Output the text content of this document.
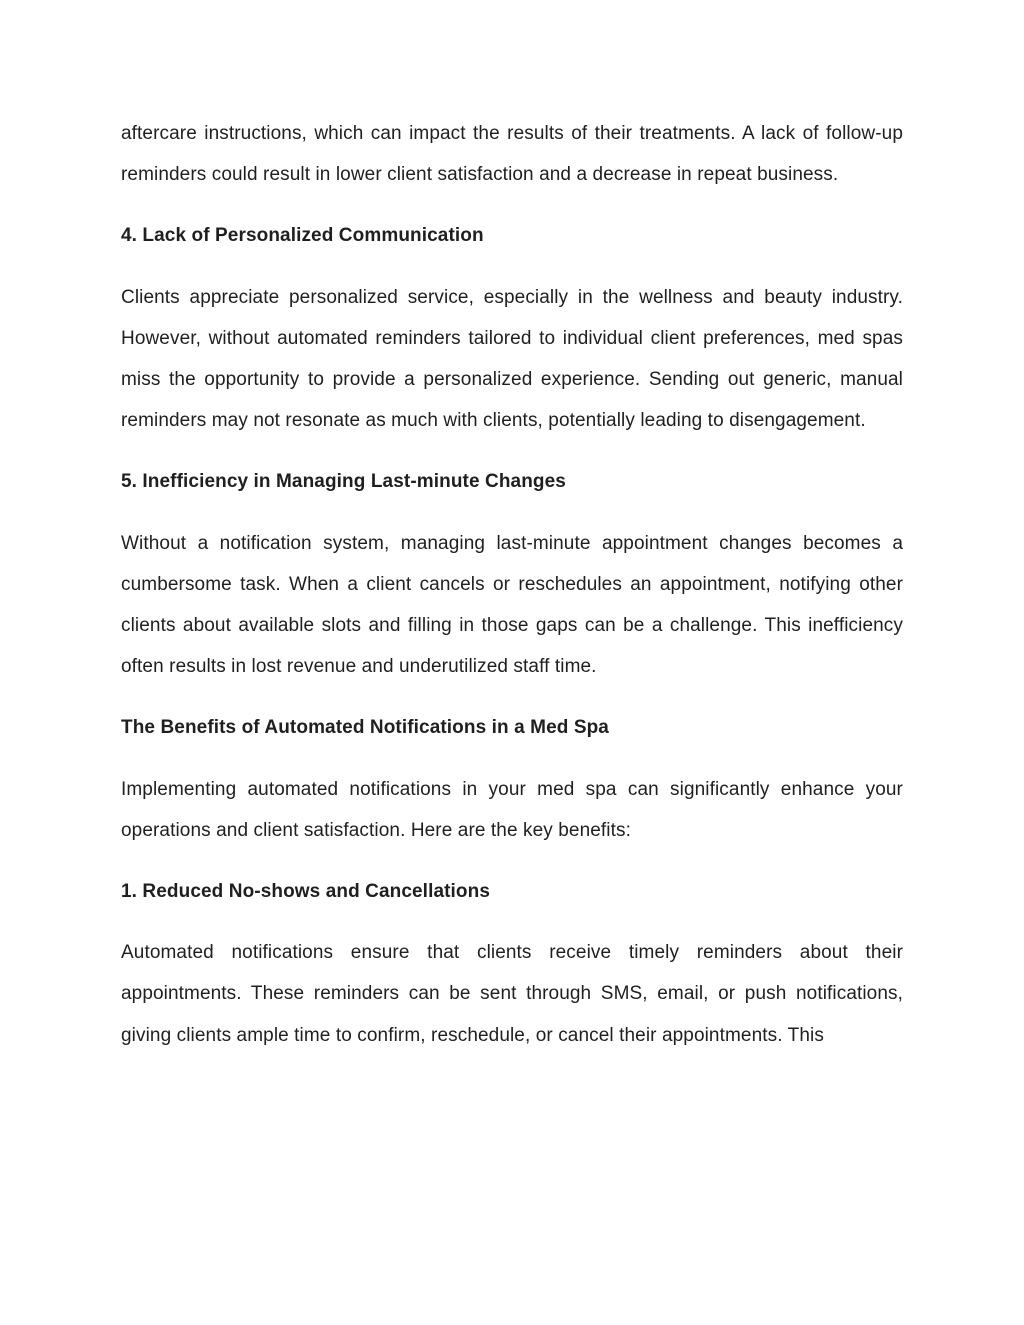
aftercare instructions, which can impact the results of their treatments. A lack of follow-up reminders could result in lower client satisfaction and a decrease in repeat business.

4. Lack of Personalized Communication

Clients appreciate personalized service, especially in the wellness and beauty industry. However, without automated reminders tailored to individual client preferences, med spas miss the opportunity to provide a personalized experience. Sending out generic, manual reminders may not resonate as much with clients, potentially leading to disengagement.

5. Inefficiency in Managing Last-minute Changes

Without a notification system, managing last-minute appointment changes becomes a cumbersome task. When a client cancels or reschedules an appointment, notifying other clients about available slots and filling in those gaps can be a challenge. This inefficiency often results in lost revenue and underutilized staff time.

The Benefits of Automated Notifications in a Med Spa

Implementing automated notifications in your med spa can significantly enhance your operations and client satisfaction. Here are the key benefits:

1. Reduced No-shows and Cancellations

Automated notifications ensure that clients receive timely reminders about their appointments. These reminders can be sent through SMS, email, or push notifications, giving clients ample time to confirm, reschedule, or cancel their appointments. This
